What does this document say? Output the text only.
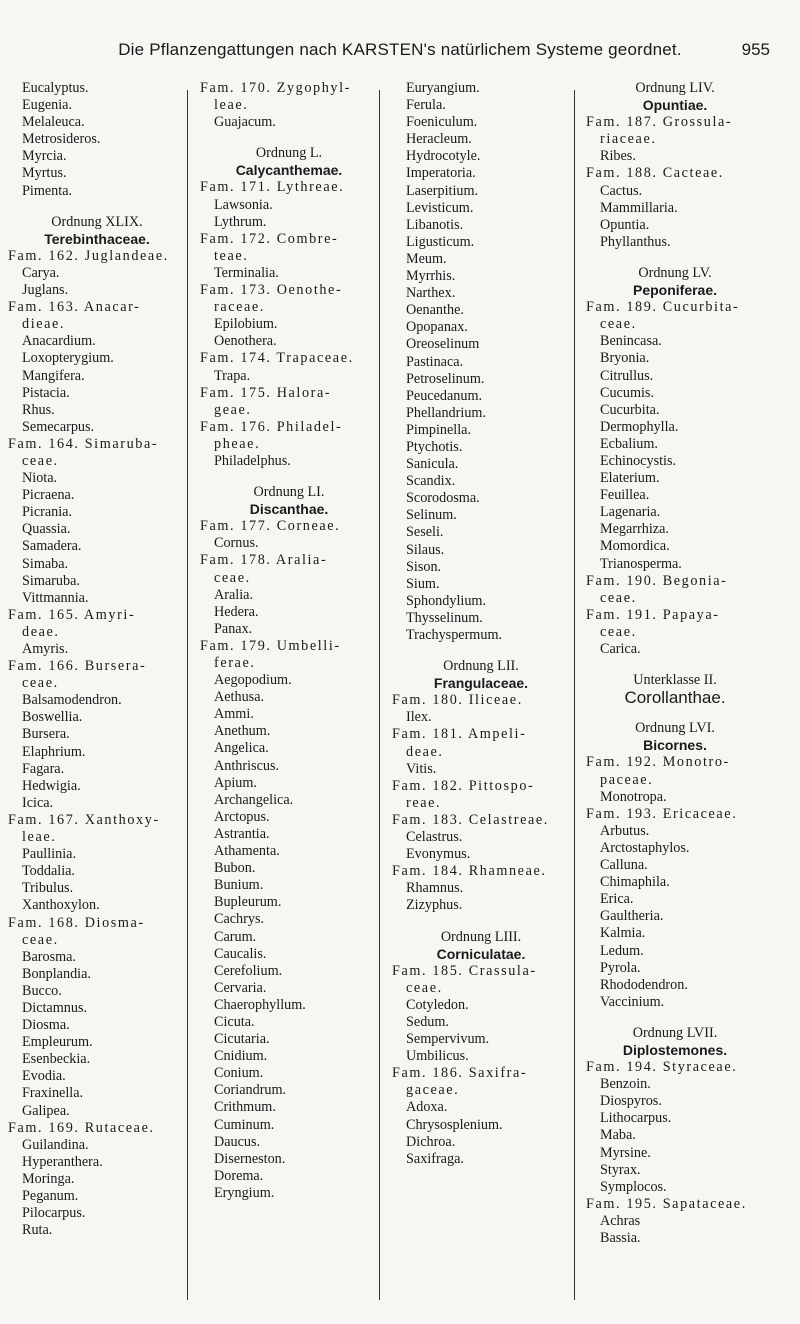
Die Pflanzengattungen nach KARSTEN's natürlichem Systeme geordnet.	955
Eucalyptus.
Eugenia.
Melaleuca.
Metrosideros.
Myrcia.
Myrtus.
Pimenta.
Ordnung XLIX.
Terebinthaceae.
Fam. 162. Juglandeae.
Carya.
Juglans.
Fam. 163. Anacar-
dieae.
Anacardium.
Loxopterygium.
Mangifera.
Pistacia.
Rhus.
Semecarpus.
Fam. 164. Simaruba-
ceae.
Niota.
Picraena.
Picrania.
Quassia.
Samadera.
Simaba.
Simaruba.
Vittmannia.
Fam. 165. Amyri-
deae.
Amyris.
Fam. 166. Bursera-
ceae.
Balsamodendron.
Boswellia.
Bursera.
Elaphrium.
Fagara.
Hedwigia.
Icica.
Fam. 167. Xanthoxy-
leae.
Paullinia.
Toddalia.
Tribulus.
Xanthoxylon.
Fam. 168. Diosma-
ceae.
Barosma.
Bonplandia.
Bucco.
Dictamnus.
Diosma.
Empleurum.
Esenbeckia.
Evodia.
Fraxinella.
Galipea.
Fam. 169. Rutaceae.
Guilandina.
Hyperanthera.
Moringa.
Peganum.
Pilocarpus.
Ruta.
Fam. 170. Zygophyl-
leae.
Guajacum.
Ordnung L.
Calycanthemae.
Fam. 171. Lythreae.
Lawsonia.
Lythrum.
Fam. 172. Combre-
teae.
Terminalia.
Fam. 173. Oenothe-
raceae.
Epilobium.
Oenothera.
Fam. 174. Trapaceae.
Trapa.
Fam. 175. Halora-
geae.
Fam. 176. Philadel-
pheae.
Philadelphus.
Ordnung LI.
Discanthae.
Fam. 177. Corneae.
Cornus.
Fam. 178. Aralia-
ceae.
Aralia.
Hedera.
Panax.
Fam. 179. Umbelli-
ferae.
Aegopodium.
Aethusa.
Ammi.
Anethum.
Angelica.
Anthriscus.
Apium.
Archangelica.
Arctopus.
Astrantia.
Athamenta.
Bubon.
Bunium.
Bupleurum.
Cachrys.
Carum.
Caucalis.
Cerefolium.
Cervaria.
Chaerophyllum.
Cicuta.
Cicutaria.
Cnidium.
Conium.
Coriandrum.
Crithmum.
Cuminum.
Daucus.
Diserneston.
Dorema.
Eryngium.
Euryangium.
Ferula.
Foeniculum.
Heracleum.
Hydrocotyle.
Imperatoria.
Laserpitium.
Levisticum.
Libanotis.
Ligusticum.
Meum.
Myrrhis.
Narthex.
Oenanthe.
Opopanax.
Oreoselinum
Pastinaca.
Petroselinum.
Peucedanum.
Phellandrium.
Pimpinella.
Ptychotis.
Sanicula.
Scandix.
Scorodosma.
Selinum.
Seseli.
Silaus.
Sison.
Sium.
Sphondylium.
Thysselinum.
Trachyspermum.
Ordnung LII.
Frangulaceae.
Fam. 180. Iliceae.
Ilex.
Fam. 181. Ampeli-
deae.
Vitis.
Fam. 182. Pittospo-
reae.
Fam. 183. Celastreae.
Celastrus.
Evonymus.
Fam. 184. Rhamneae.
Rhamnus.
Zizyphus.
Ordnung LIII.
Corniculatae.
Fam. 185. Crassula-
ceae.
Cotyledon.
Sedum.
Sempervivum.
Umbilicus.
Fam. 186. Saxifra-
gaceae.
Adoxa.
Chrysosplenium.
Dichroa.
Saxifraga.
Ordnung LIV.
Opuntiae.
Fam. 187. Grossula-
riaceae.
Ribes.
Fam. 188. Cacteae.
Cactus.
Mammillaria.
Opuntia.
Phyllanthus.
Ordnung LV.
Peponiferae.
Fam. 189. Cucurbita-
ceae.
Benincasa.
Bryonia.
Citrullus.
Cucumis.
Cucurbita.
Dermophylla.
Ecbalium.
Echinocystis.
Elaterium.
Feuillea.
Lagenaria.
Megarrhiza.
Momordica.
Trianosperma.
Fam. 190. Begonia-
ceae.
Fam. 191. Papaya-
ceae.
Carica.
Unterklasse II.
Corollanthae.
Ordnung LVI.
Bicornes.
Fam. 192. Monotro-
paceae.
Monotropa.
Fam. 193. Ericaceae.
Arbutus.
Arctostaphylos.
Calluna.
Chimaphila.
Erica.
Gaultheria.
Kalmia.
Ledum.
Pyrola.
Rhododendron.
Vaccinium.
Ordnung LVII.
Diplostemones.
Fam. 194. Styraceae.
Benzoin.
Diospyros.
Lithocarpus.
Maba.
Myrsine.
Styrax.
Symplocos.
Fam. 195. Sapataceae.
Achras
Bassia.
